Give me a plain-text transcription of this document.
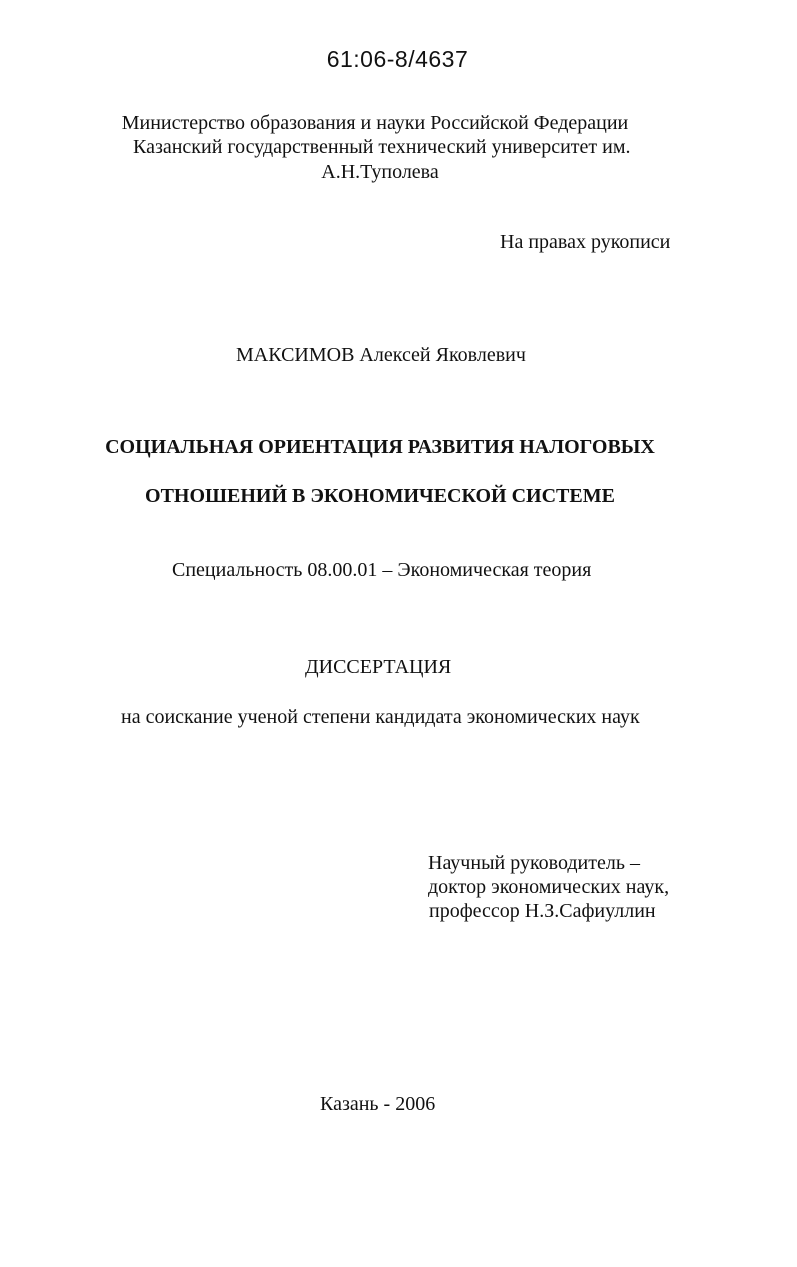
61:06-8/4637
Министерство образования и науки Российской Федерации
Казанский государственный технический университет им.
А.Н.Туполева
На правах рукописи
МАКСИМОВ Алексей Яковлевич
СОЦИАЛЬНАЯ ОРИЕНТАЦИЯ РАЗВИТИЯ НАЛОГОВЫХ
ОТНОШЕНИЙ В ЭКОНОМИЧЕСКОЙ СИСТЕМЕ
Специальность 08.00.01 – Экономическая теория
ДИССЕРТАЦИЯ
на соискание ученой степени кандидата экономических наук
Научный руководитель –
доктор экономических наук,
профессор Н.З.Сафиуллин
Казань - 2006
